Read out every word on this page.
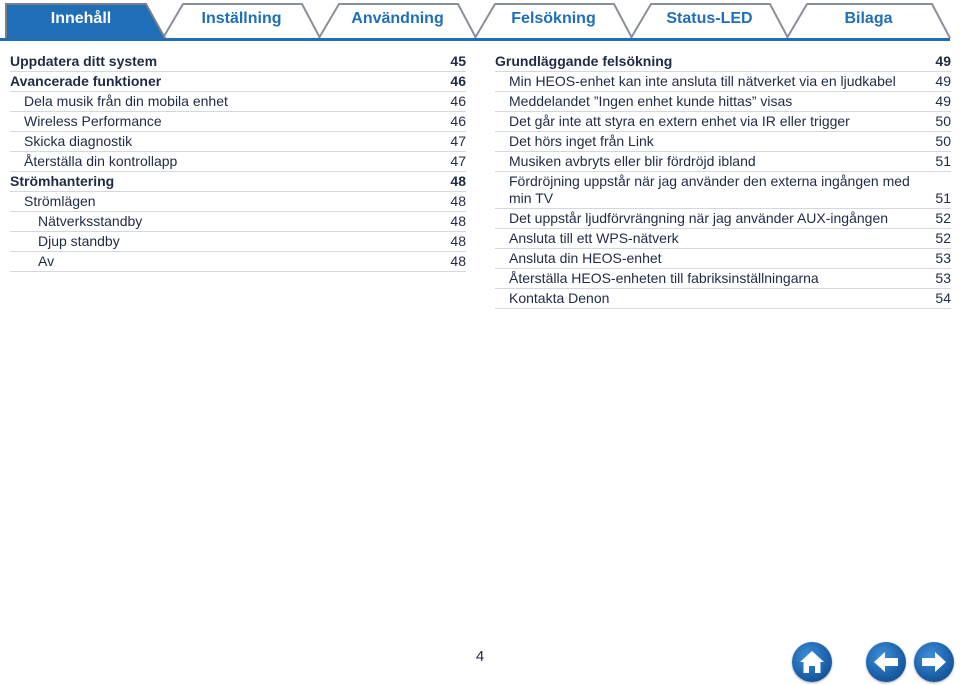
Innehåll	Inställning	Användning	Felsökning	Status-LED	Bilaga
Uppdatera ditt system	45
Avancerade funktioner	46
Dela musik från din mobila enhet	46
Wireless Performance	46
Skicka diagnostik	47
Återställa din kontrollapp	47
Strömhantering	48
Strömlägen	48
Nätverksstandby	48
Djup standby	48
Av	48
Grundläggande felsökning	49
Min HEOS-enhet kan inte ansluta till nätverket via en ljudkabel	49
Meddelandet ”Ingen enhet kunde hittas” visas	49
Det går inte att styra en extern enhet via IR eller trigger	50
Det hörs inget från Link	50
Musiken avbryts eller blir fördröjd ibland	51
Fördröjning uppstår när jag använder den externa ingången med min TV	51
Det uppstår ljudförvrängning när jag använder AUX-ingången	52
Ansluta till ett WPS-nätverk	52
Ansluta din HEOS-enhet	53
Återställa HEOS-enheten till fabriksinställningarna	53
Kontakta Denon	54
4
